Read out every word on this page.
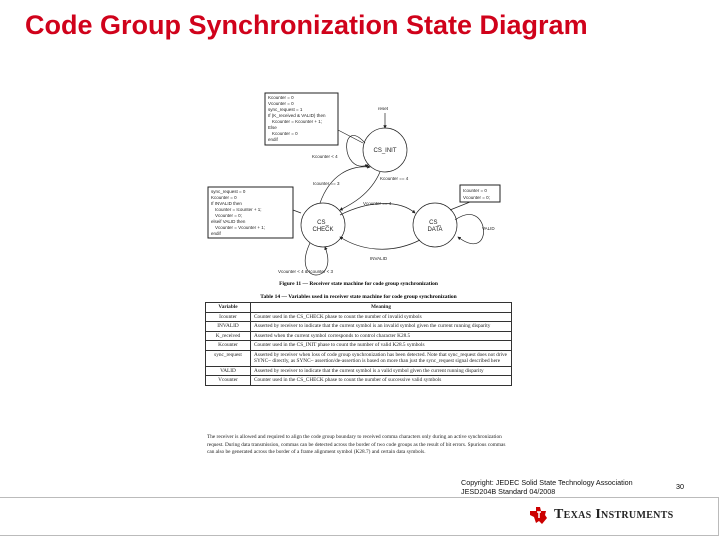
Code Group Synchronization State Diagram
CS_INIT
CS_
CHECK
CS_
DATA
Kcounter = 0
Vcounter = 0
sync_request = 1
If (K_received & VALID) then
Kcounter = Kcounter + 1;
Else
Kcounter = 0
endif
sync_request = 0
Kcounter = 0
If INVALID then
Icounter = Icounter + 1;
Vcounter = 0;
elseif VALID then
Vcounter = Vcounter + 1;
endif
Icounter = 0
Vcounter = 0;
reset
Kcounter < 4
Icounter == 3
Kcounter == 4
Vcounter == 4
VALID
INVALID
Vcounter < 4 & Icounter < 3
Figure 11 — Receiver state machine for code group synchronization
Table 14 — Variables used in receiver state machine for code group synchronization
Variable	Meaning
Icounter	Counter used in the CS_CHECK phase to count the number of invalid symbols
INVALID	Asserted by receiver to indicate that the current symbol is an invalid symbol given the current running disparity
K_received	Asserted when the current symbol corresponds to control character K28.5
Kcounter	Counter used in the CS_INIT phase to count the number of valid K28.5 symbols
sync_request	Asserted by receiver when loss of code group synchronization has been detected. Note that sync_request does not drive SYNC~ directly, as SYNC~ assertion/de-assertion is based on more than just the sync_request signal described here
VALID	Asserted by receiver to indicate that the current symbol is a valid symbol given the current running disparity
Vcounter	Counter used in the CS_CHECK phase to count the number of successive valid symbols
The receiver is allowed and required to align the code group boundary to received comma characters only during an active synchronization request. During data transmission, commas can be detected across the border of two code groups as the result of bit errors. Spurious commas can also be generated across the border of a frame alignment symbol (K28.7) and certain data symbols.
Copyright: JEDEC Solid State Technology Association
JESD204B Standard 04/2008
30
Texas Instruments
